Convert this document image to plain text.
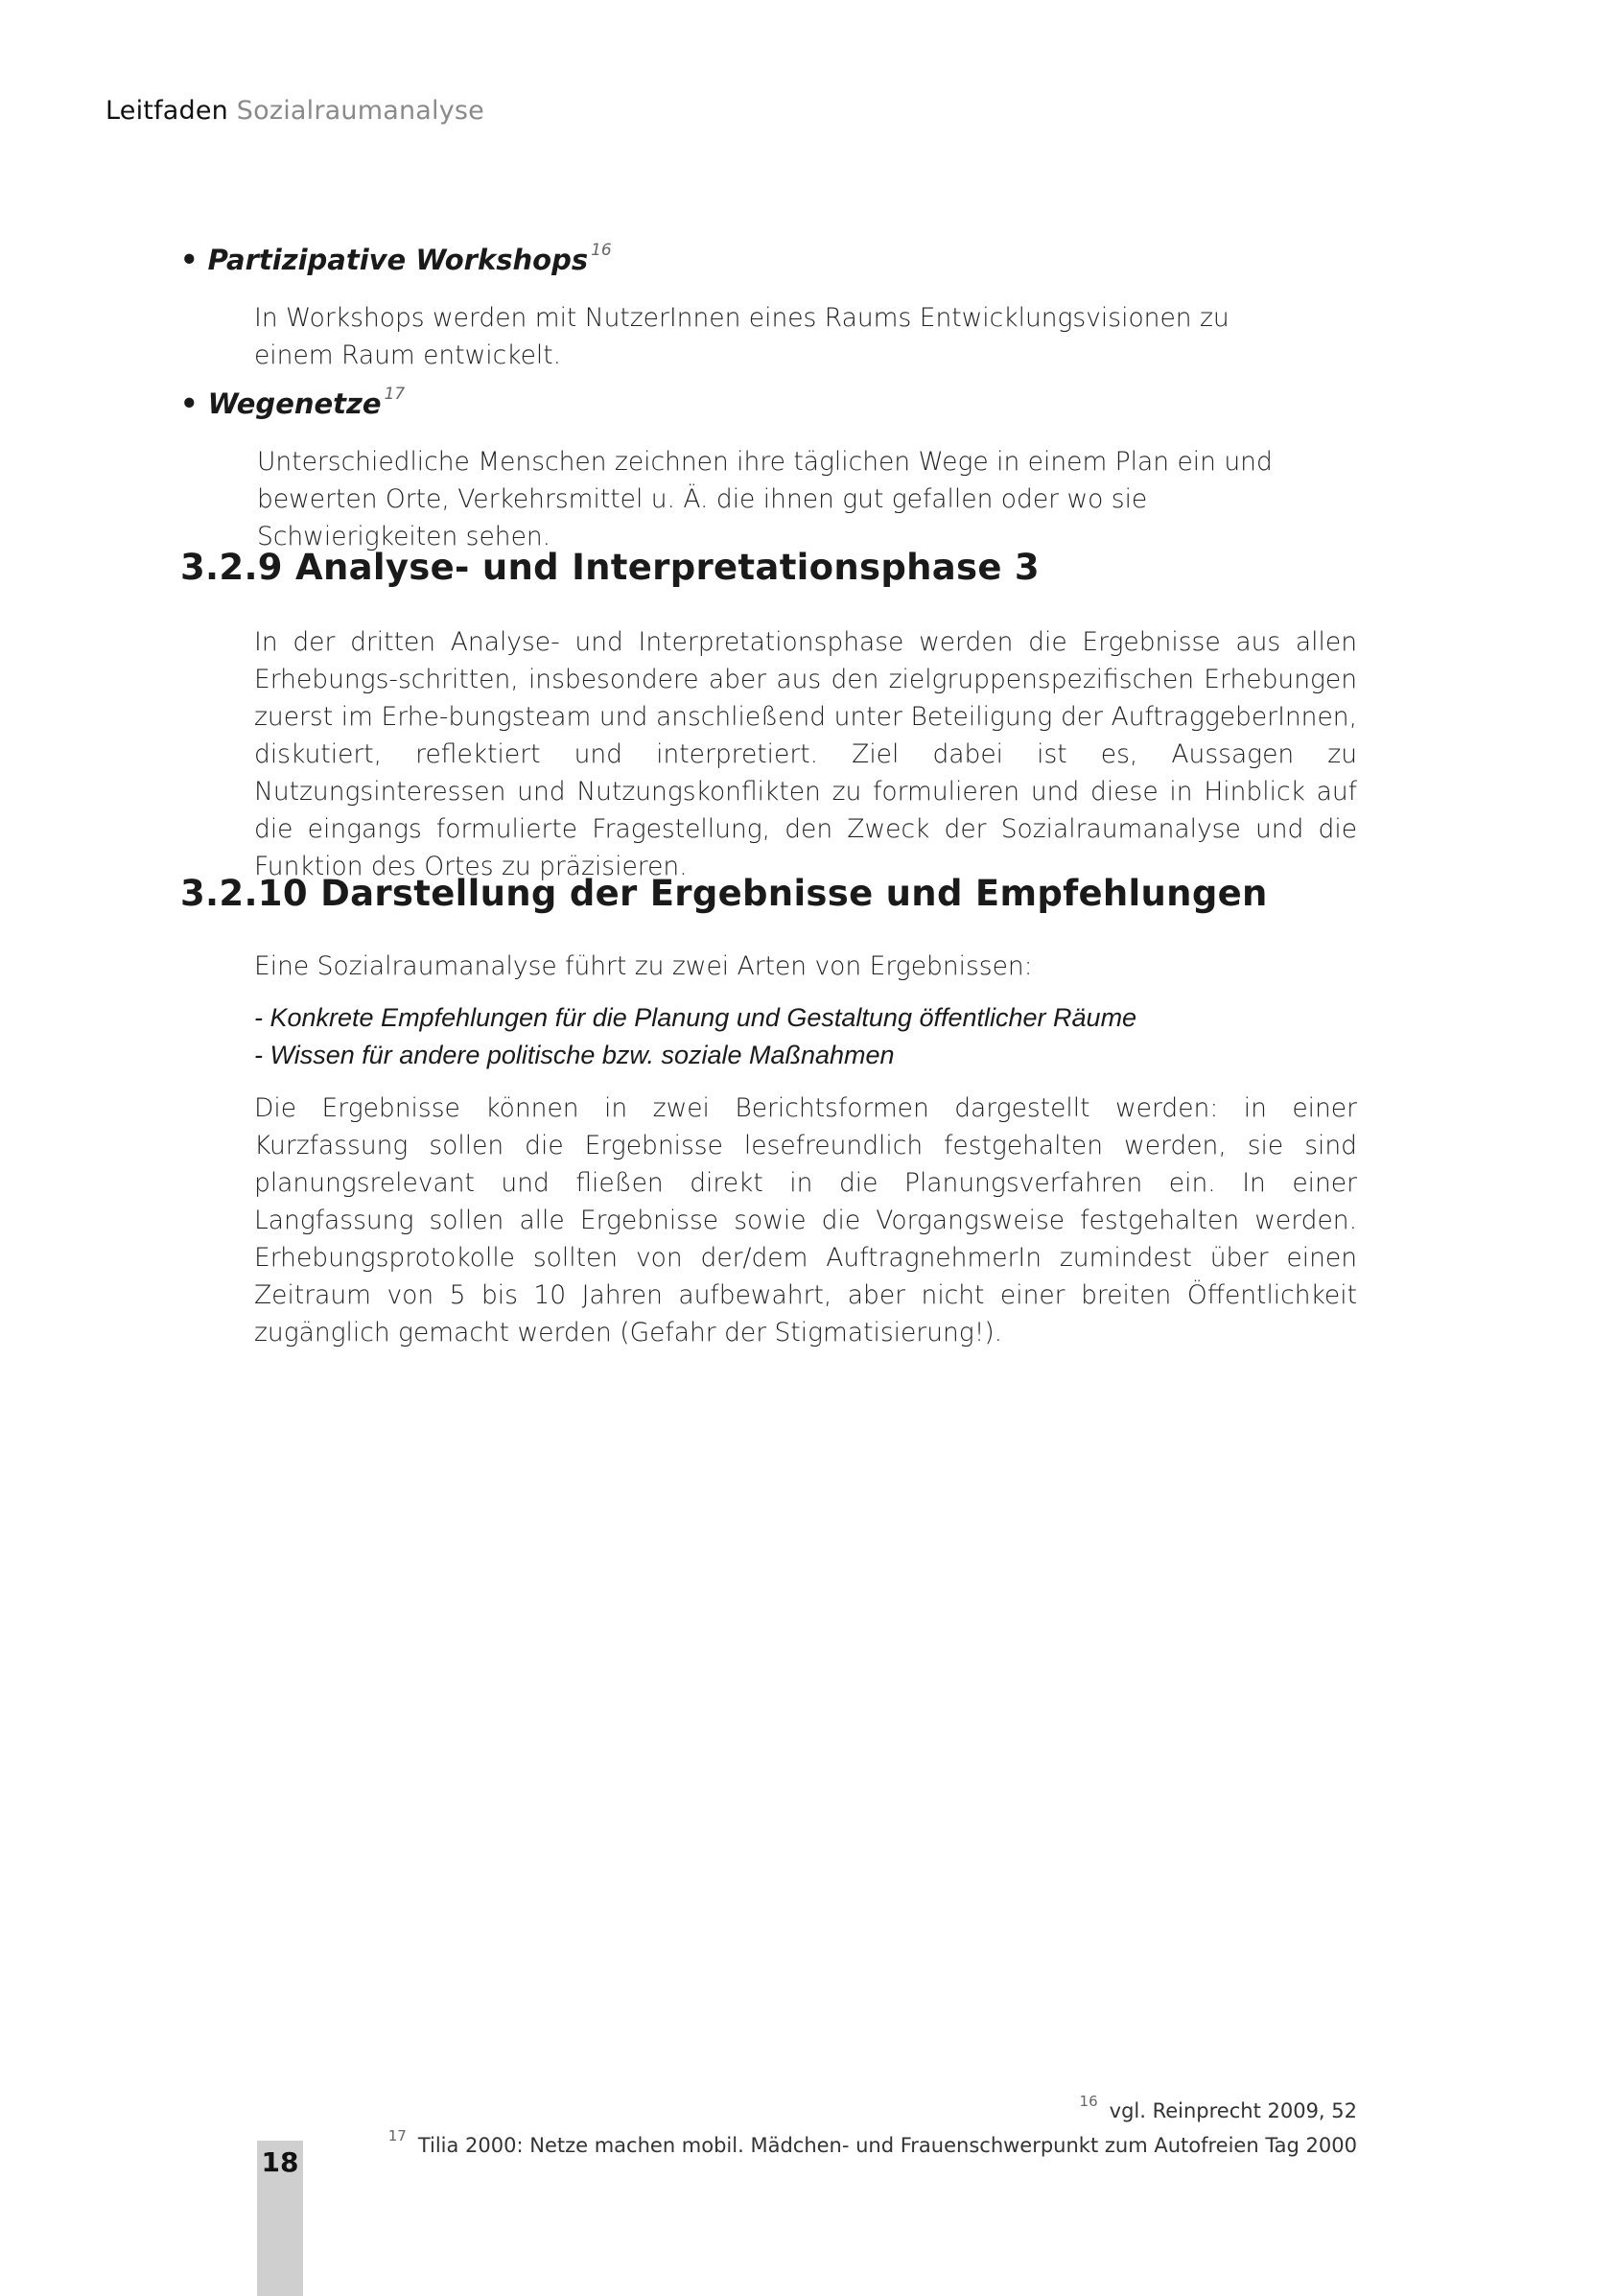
Leitfaden Sozialraumanalyse
• Partizipative Workshops $^{16}$
In Workshops werden mit NutzerInnen eines Raums Entwicklungsvisionen zu einem Raum entwickelt.
• Wegenetze $^{17}$
Unterschiedliche Menschen zeichnen ihre täglichen Wege in einem Plan ein und bewerten Orte, Verkehrsmittel u. Ä. die ihnen gut gefallen oder wo sie Schwierigkeiten sehen.
3.2.9 Analyse- und Interpretationsphase 3
In der dritten Analyse- und Interpretationsphase werden die Ergebnisse aus allen Erhebungs-schritten, insbesondere aber aus den zielgruppenspezifischen Erhebungen zuerst im Erhe-bungsteam und anschließend unter Beteiligung der AuftraggeberInnen, diskutiert, reflektiert und interpretiert. Ziel dabei ist es, Aussagen zu Nutzungsinteressen und Nutzungskonflikten zu formulieren und diese in Hinblick auf die eingangs formulierte Fragestellung, den Zweck der Sozialraumanalyse und die Funktion des Ortes zu präzisieren.
3.2.10 Darstellung der Ergebnisse und Empfehlungen
Eine Sozialraumanalyse führt zu zwei Arten von Ergebnissen:
- Konkrete Empfehlungen für die Planung und Gestaltung öffentlicher Räume
- Wissen für andere politische bzw. soziale Maßnahmen
Die Ergebnisse können in zwei Berichtsformen dargestellt werden: in einer Kurzfassung sollen die Ergebnisse lesefreundlich festgehalten werden, sie sind planungsrelevant und fließen direkt in die Planungsverfahren ein. In einer Langfassung sollen alle Ergebnisse sowie die Vorgangsweise festgehalten werden. Erhebungsprotokolle sollten von der/dem AuftragnehmerIn zumindest über einen Zeitraum von 5 bis 10 Jahren aufbewahrt, aber nicht einer breiten Öffentlichkeit zugänglich gemacht werden (Gefahr der Stigmatisierung!).
$^{16}$ vgl. Reinprecht 2009, 52
$^{17}$ Tilia 2000: Netze machen mobil. Mädchen- und Frauenschwerpunkt zum Autofreien Tag 2000
18
